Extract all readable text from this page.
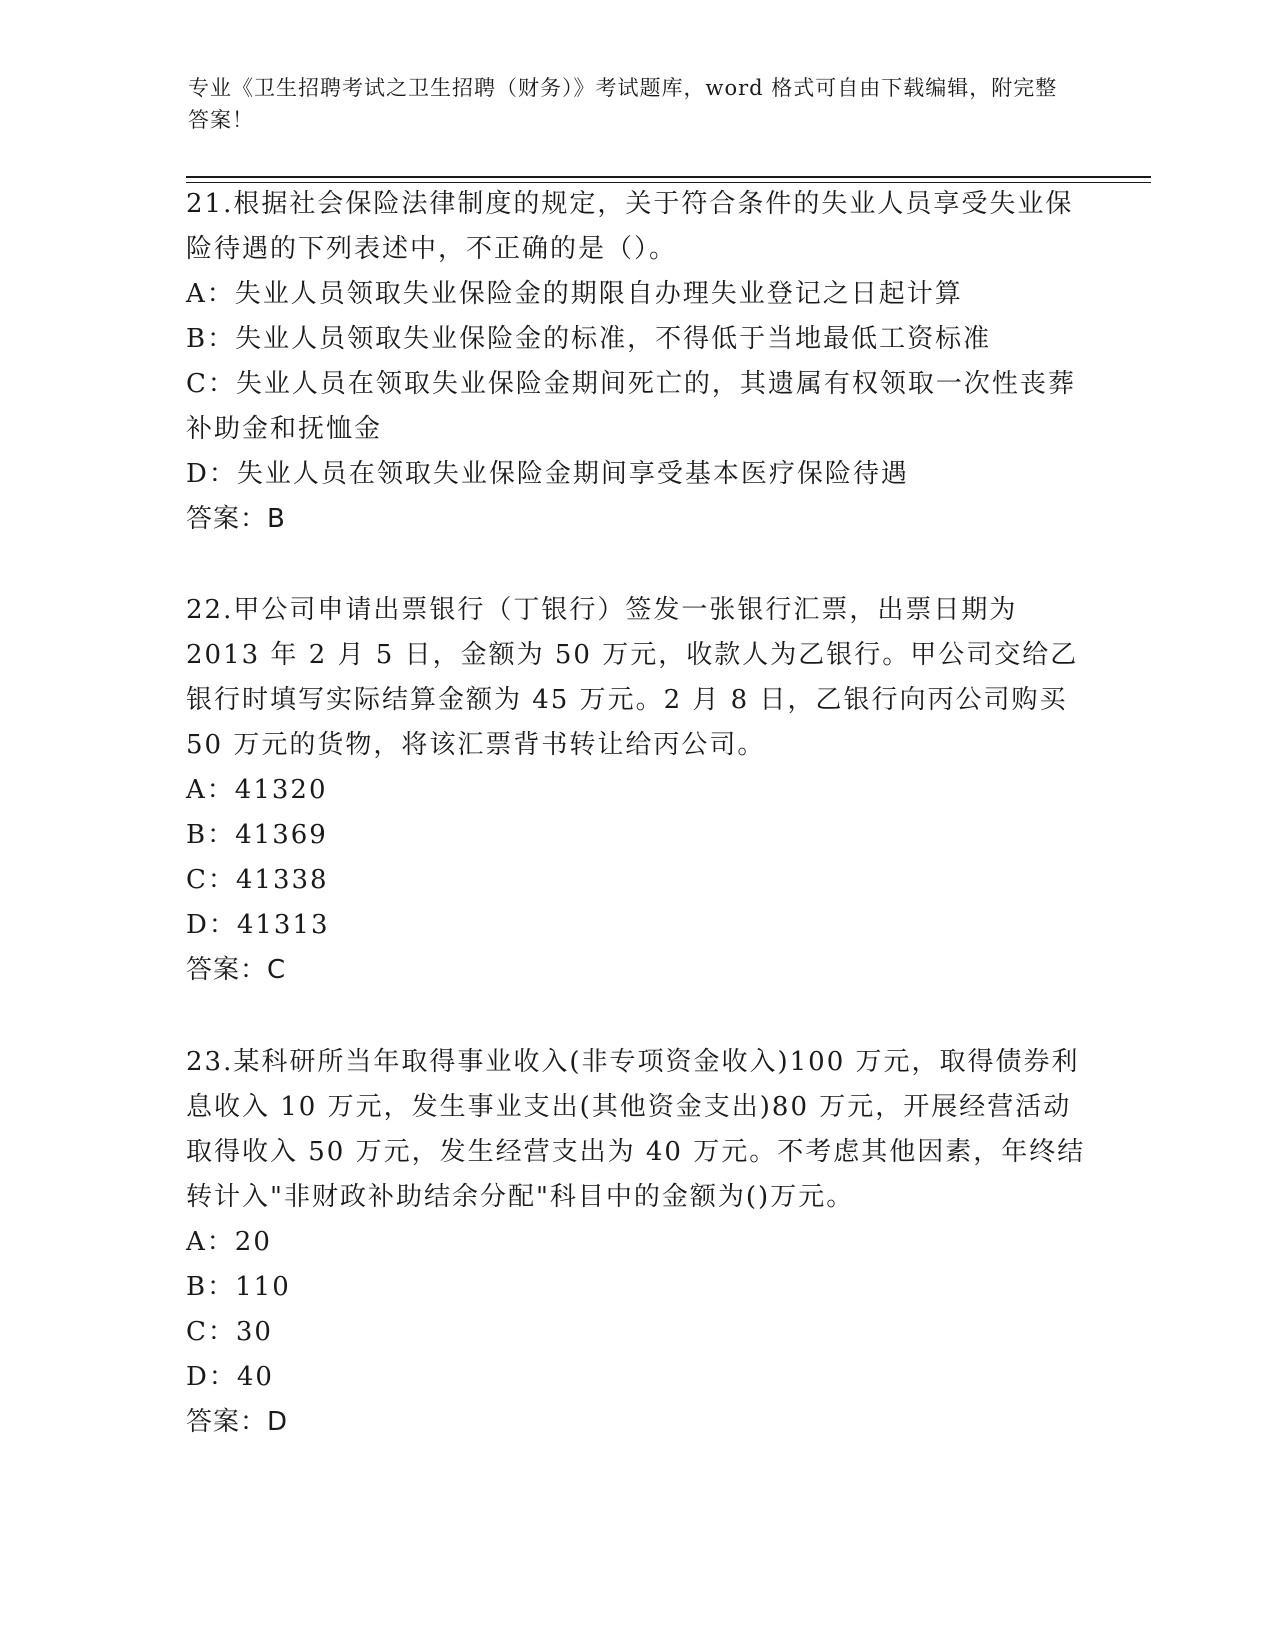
专业《卫生招聘考试之卫生招聘（财务）》考试题库，word 格式可自由下载编辑，附完整答案！

21.根据社会保险法律制度的规定，关于符合条件的失业人员享受失业保险待遇的下列表述中，不正确的是（）。

A：失业人员领取失业保险金的期限自办理失业登记之日起计算

B：失业人员领取失业保险金的标准，不得低于当地最低工资标准

C：失业人员在领取失业保险金期间死亡的，其遗属有权领取一次性丧葬补助金和抚恤金

D：失业人员在领取失业保险金期间享受基本医疗保险待遇

答案：B

22.甲公司申请出票银行（丁银行）签发一张银行汇票，出票日期为 2013 年 2 月 5 日，金额为 50 万元，收款人为乙银行。甲公司交给乙银行时填写实际结算金额为 45 万元。2 月 8 日，乙银行向丙公司购买 50 万元的货物，将该汇票背书转让给丙公司。

A：41320

B：41369

C：41338

D：41313

答案：C

23.某科研所当年取得事业收入(非专项资金收入)100 万元，取得债券利息收入 10 万元，发生事业支出(其他资金支出)80 万元，开展经营活动取得收入 50 万元，发生经营支出为 40 万元。不考虑其他因素，年终结转计入"非财政补助结余分配"科目中的金额为()万元。

A：20

B：110

C：30

D：40

答案：D
